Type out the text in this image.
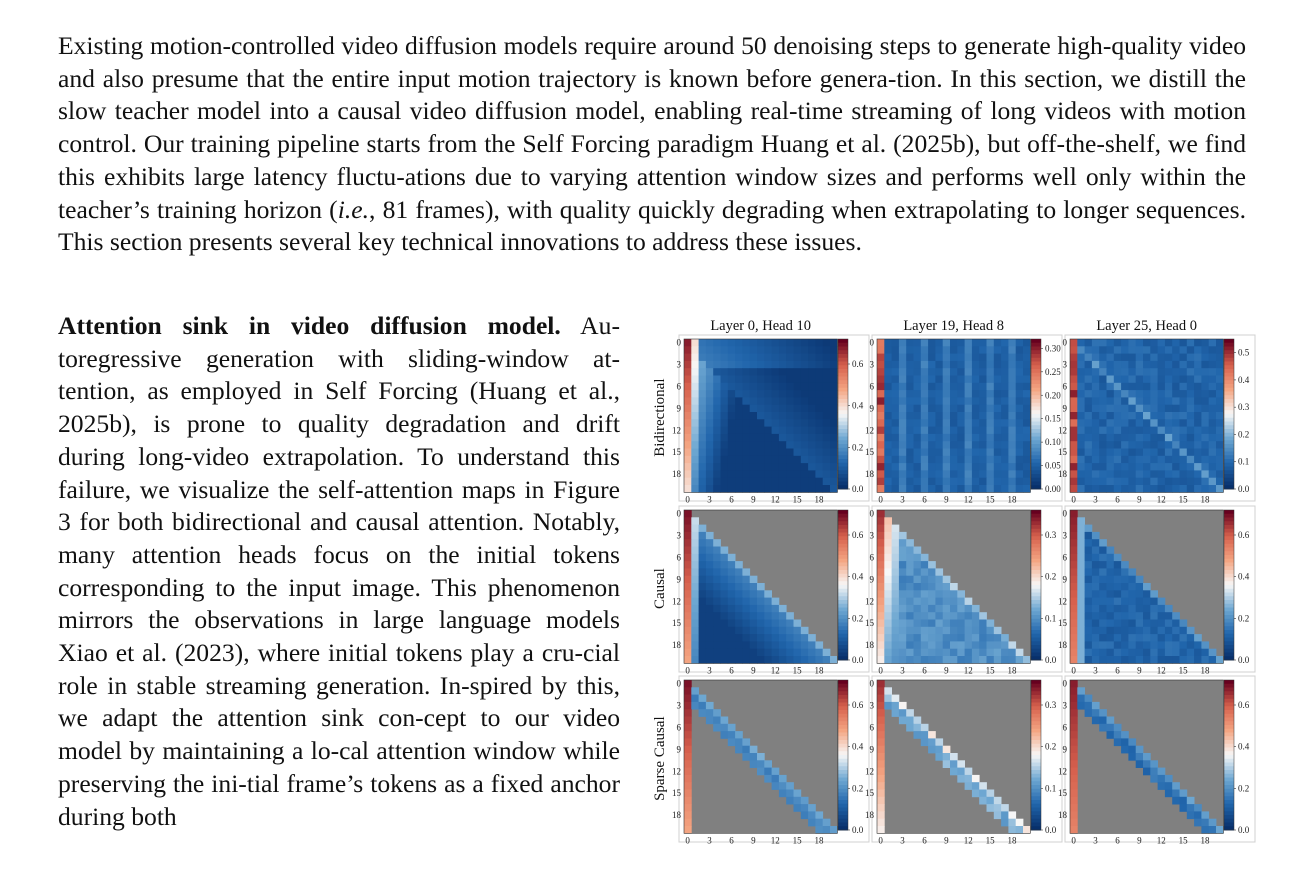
Existing motion-controlled video diffusion models require around 50 denoising steps to generate high-quality video and also presume that the entire input motion trajectory is known before genera-tion. In this section, we distill the slow teacher model into a causal video diffusion model, enabling real-time streaming of long videos with motion control. Our training pipeline starts from the Self Forcing paradigm Huang et al. (2025b), but off-the-shelf, we find this exhibits large latency fluctu-ations due to varying attention window sizes and performs well only within the teacher’s training horizon (i.e., 81 frames), with quality quickly degrading when extrapolating to longer sequences. This section presents several key technical innovations to address these issues.
Attention sink in video diffusion model. Au-toregressive generation with sliding-window at-tention, as employed in Self Forcing (Huang et al., 2025b), is prone to quality degradation and drift during long-video extrapolation. To understand this failure, we visualize the self-attention maps in Figure 3 for both bidirectional and causal attention. Notably, many attention heads focus on the initial tokens corresponding to the input image. This phenomenon mirrors the observations in large language models Xiao et al. (2023), where initial tokens play a cru-cial role in stable streaming generation. In-spired by this, we adapt the attention sink con-cept to our video model by maintaining a lo-cal attention window while preserving the ini-tial frame’s tokens as a fixed anchor during both
Layer 0, Head 10	Layer 19, Head 8	Layer 25, Head 0
Bidirectional
Causal
Sparse Causal
0
0
3
3
6
6
9
9
12
12
15
15
18
18
0.0
0.2
0.4
0.6
0
0
3
3
6
6
9
9
12
12
15
15
18
18
0.00
0.05
0.10
0.15
0.20
0.25
0.30
0
0
3
3
6
6
9
9
12
12
15
15
18
18
0.0
0.1
0.2
0.3
0.4
0.5
0
0
3
3
6
6
9
9
12
12
15
15
18
18
0.0
0.2
0.4
0.6
0
0
3
3
6
6
9
9
12
12
15
15
18
18
0.0
0.1
0.2
0.3
0
0
3
3
6
6
9
9
12
12
15
15
18
18
0.0
0.2
0.4
0.6
0
0
3
3
6
6
9
9
12
12
15
15
18
18
0.0
0.2
0.4
0.6
0
0
3
3
6
6
9
9
12
12
15
15
18
18
0.0
0.1
0.2
0.3
0
0
3
3
6
6
9
9
12
12
15
15
18
18
0.0
0.2
0.4
0.6
